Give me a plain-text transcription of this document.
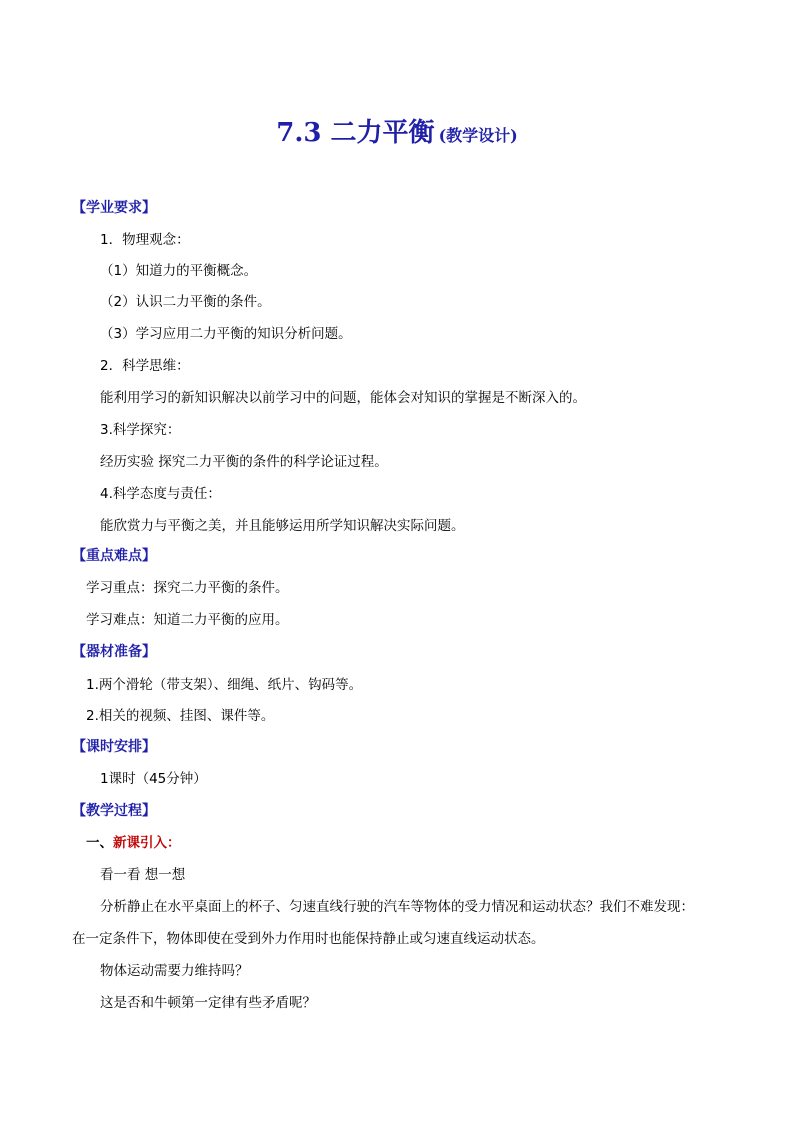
7.3 二力平衡 (教学设计)
【学业要求】
1．物理观念：
（1）知道力的平衡概念。
（2）认识二力平衡的条件。
（3）学习应用二力平衡的知识分析问题。
2．科学思维：
能利用学习的新知识解决以前学习中的问题，能体会对知识的掌握是不断深入的。
3.科学探究：
经历实验 探究二力平衡的条件的科学论证过程。
4.科学态度与责任：
能欣赏力与平衡之美，并且能够运用所学知识解决实际问题。
【重点难点】
学习重点：探究二力平衡的条件。
学习难点：知道二力平衡的应用。
【器材准备】
1.两个滑轮（带支架）、细绳、纸片、钩码等。
2.相关的视频、挂图、课件等。
【课时安排】
1课时（45分钟）
【教学过程】
一、新课引入：
看一看 想一想
分析静止在水平桌面上的杯子、匀速直线行驶的汽车等物体的受力情况和运动状态？我们不难发现：
在一定条件下，物体即使在受到外力作用时也能保持静止或匀速直线运动状态。
物体运动需要力维持吗？
这是否和牛顿第一定律有些矛盾呢？
